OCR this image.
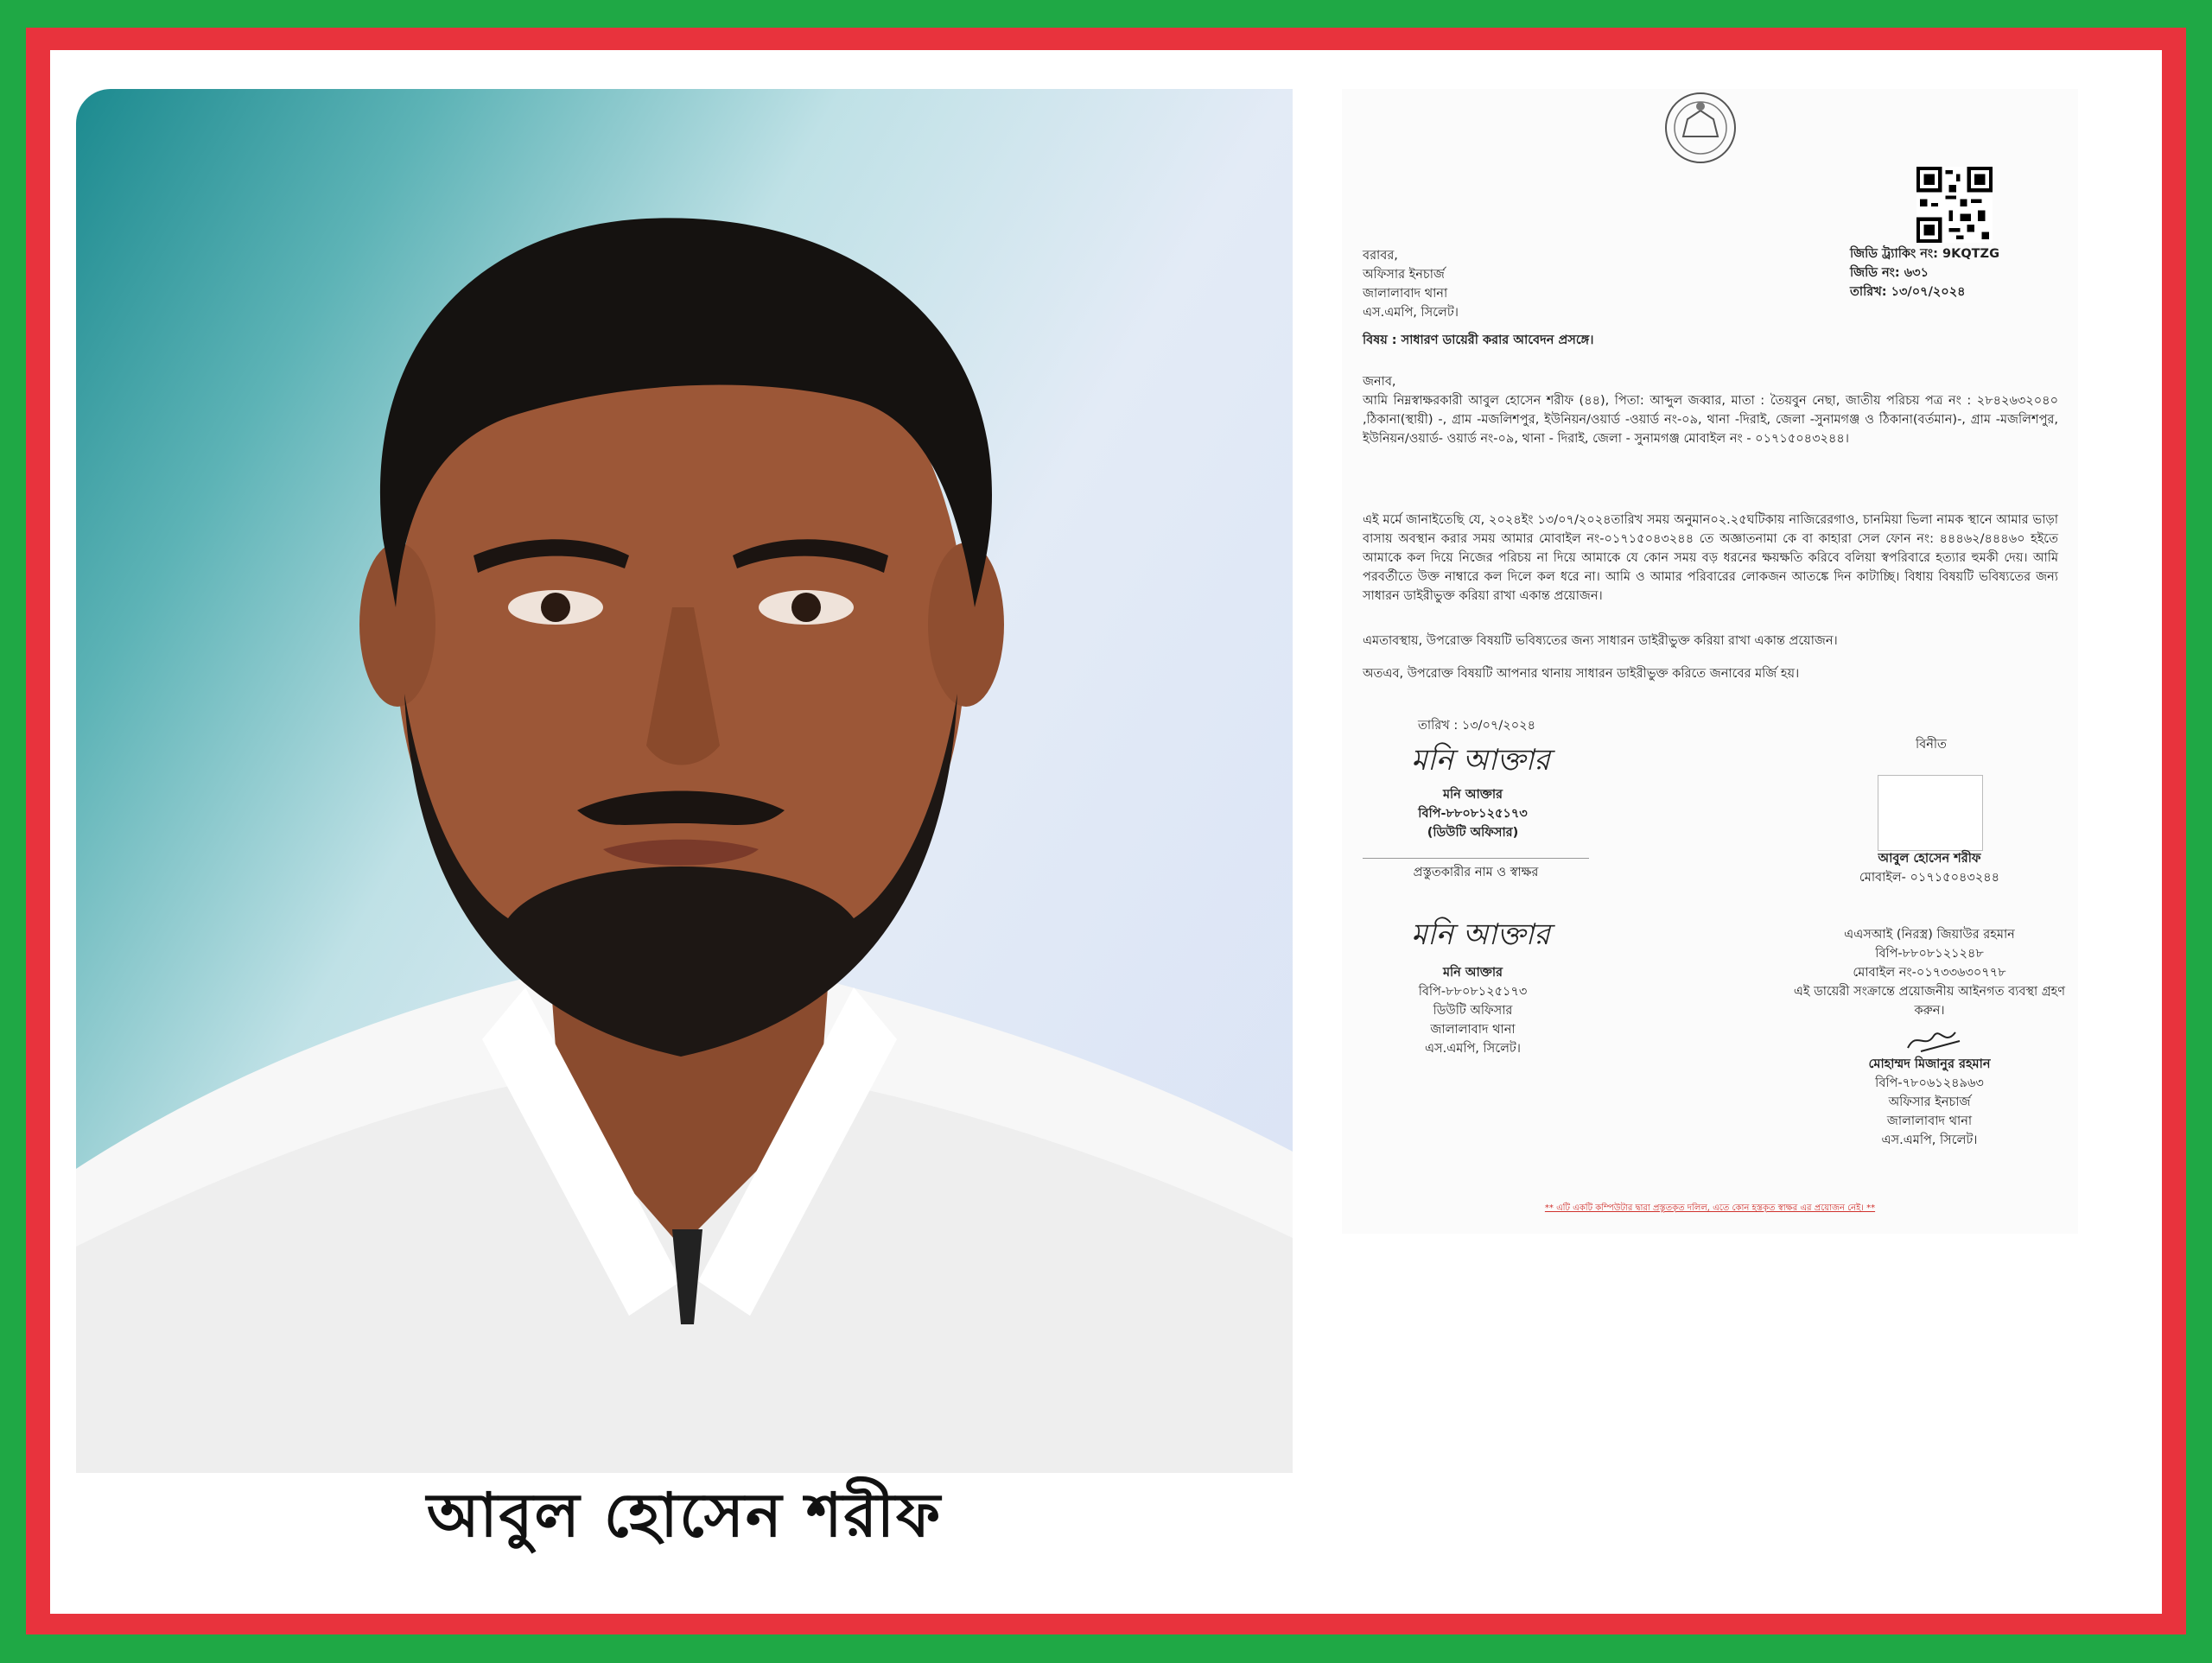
আবুল হোসেন শরীফ
বরাবর,
অফিসার ইনচার্জ
জালালাবাদ থানা
এস.এমপি, সিলেট।
জিডি ট্র্যাকিং নং: 9KQTZG
জিডি নং: ৬৩১
তারিখ: ১৩/০৭/২০২৪
বিষয় : সাধারণ ডায়েরী করার আবেদন প্রসঙ্গে।
জনাব,
আমি নিম্নস্বাক্ষরকারী আবুল হোসেন শরীফ (৪৪), পিতা: আব্দুল জব্বার, মাতা : তৈয়বুন নেছা, জাতীয় পরিচয় পত্র নং : ২৮৪২৬৩২০৪০ ,ঠিকানা(স্থায়ী) -, গ্রাম -মজলিশপুর, ইউনিয়ন/ওয়ার্ড -ওয়ার্ড নং-০৯, থানা -দিরাই, জেলা -সুনামগঞ্জ ও ঠিকানা(বর্তমান)-, গ্রাম -মজলিশপুর, ইউনিয়ন/ওয়ার্ড- ওয়ার্ড নং-০৯, থানা - দিরাই, জেলা - সুনামগঞ্জ মোবাইল নং - ০১৭১৫০৪৩২৪৪।
এই মর্মে জানাইতেছি যে, ২০২৪ইং ১৩/০৭/২০২৪তারিখ সময় অনুমান০২.২৫ঘটিকায় নাজিরেরগাও, চানমিয়া ভিলা নামক স্থানে আমার ভাড়া বাসায় অবস্থান করার সময় আমার মোবাইল নং-০১৭১৫০৪৩২৪৪ তে অজ্ঞাতনামা কে বা কাহারা সেল ফোন নং: ৪৪৪৬২/৪৪৪৬০ হইতে আমাকে কল দিয়ে নিজের পরিচয় না দিয়ে আমাকে যে কোন সময় বড় ধরনের ক্ষয়ক্ষতি করিবে বলিয়া স্বপরিবারে হত্যার হুমকী দেয়। আমি পরবর্তীতে উক্ত নাম্বারে কল দিলে কল ধরে না। আমি ও আমার পরিবারের লোকজন আতঙ্কে দিন কাটাচ্ছি। বিধায় বিষয়টি ভবিষ্যতের জন্য সাধারন ডাইরীভুক্ত করিয়া রাখা একান্ত প্রয়োজন।
এমতাবস্থায়, উপরোক্ত বিষয়টি ভবিষ্যতের জন্য সাধারন ডাইরীভুক্ত করিয়া রাখা একান্ত প্রয়োজন।
অতএব, উপরোক্ত বিষয়টি আপনার থানায় সাধারন ডাইরীভুক্ত করিতে জনাবের মর্জি হয়।
তারিখ : ১৩/০৭/২০২৪
বিনীত
মনি আক্তার
মনি আক্তার
বিপি-৮৮০৮১২৫১৭৩
(ডিউটি অফিসার)
প্রস্তুতকারীর নাম ও স্বাক্ষর
আবুল হোসেন শরীফ
মোবাইল- ০১৭১৫০৪৩২৪৪
মনি আক্তার
মনি আক্তার
বিপি-৮৮০৮১২৫১৭৩
ডিউটি অফিসার
জালালাবাদ থানা
এস.এমপি, সিলেট।
এএসআই (নিরস্ত্র) জিয়াউর রহমান
বিপি-৮৮০৮১২১২৪৮
মোবাইল নং-০১৭৩৩৬৩০৭৭৮
এই ডায়েরী সংক্রান্তে প্রয়োজনীয় আইনগত ব্যবস্থা গ্রহণ করুন।
মোহাম্মদ মিজানুর রহমান
বিপি-৭৮০৬১২৪৯৬৩
অফিসার ইনচার্জ
জালালাবাদ থানা
এস.এমপি, সিলেট।
** এটি একটি কম্পিউটার দ্বারা প্রস্তুতকৃত দলিল, এতে কোন হস্তকৃত স্বাক্ষর এর প্রয়োজন নেই। **
